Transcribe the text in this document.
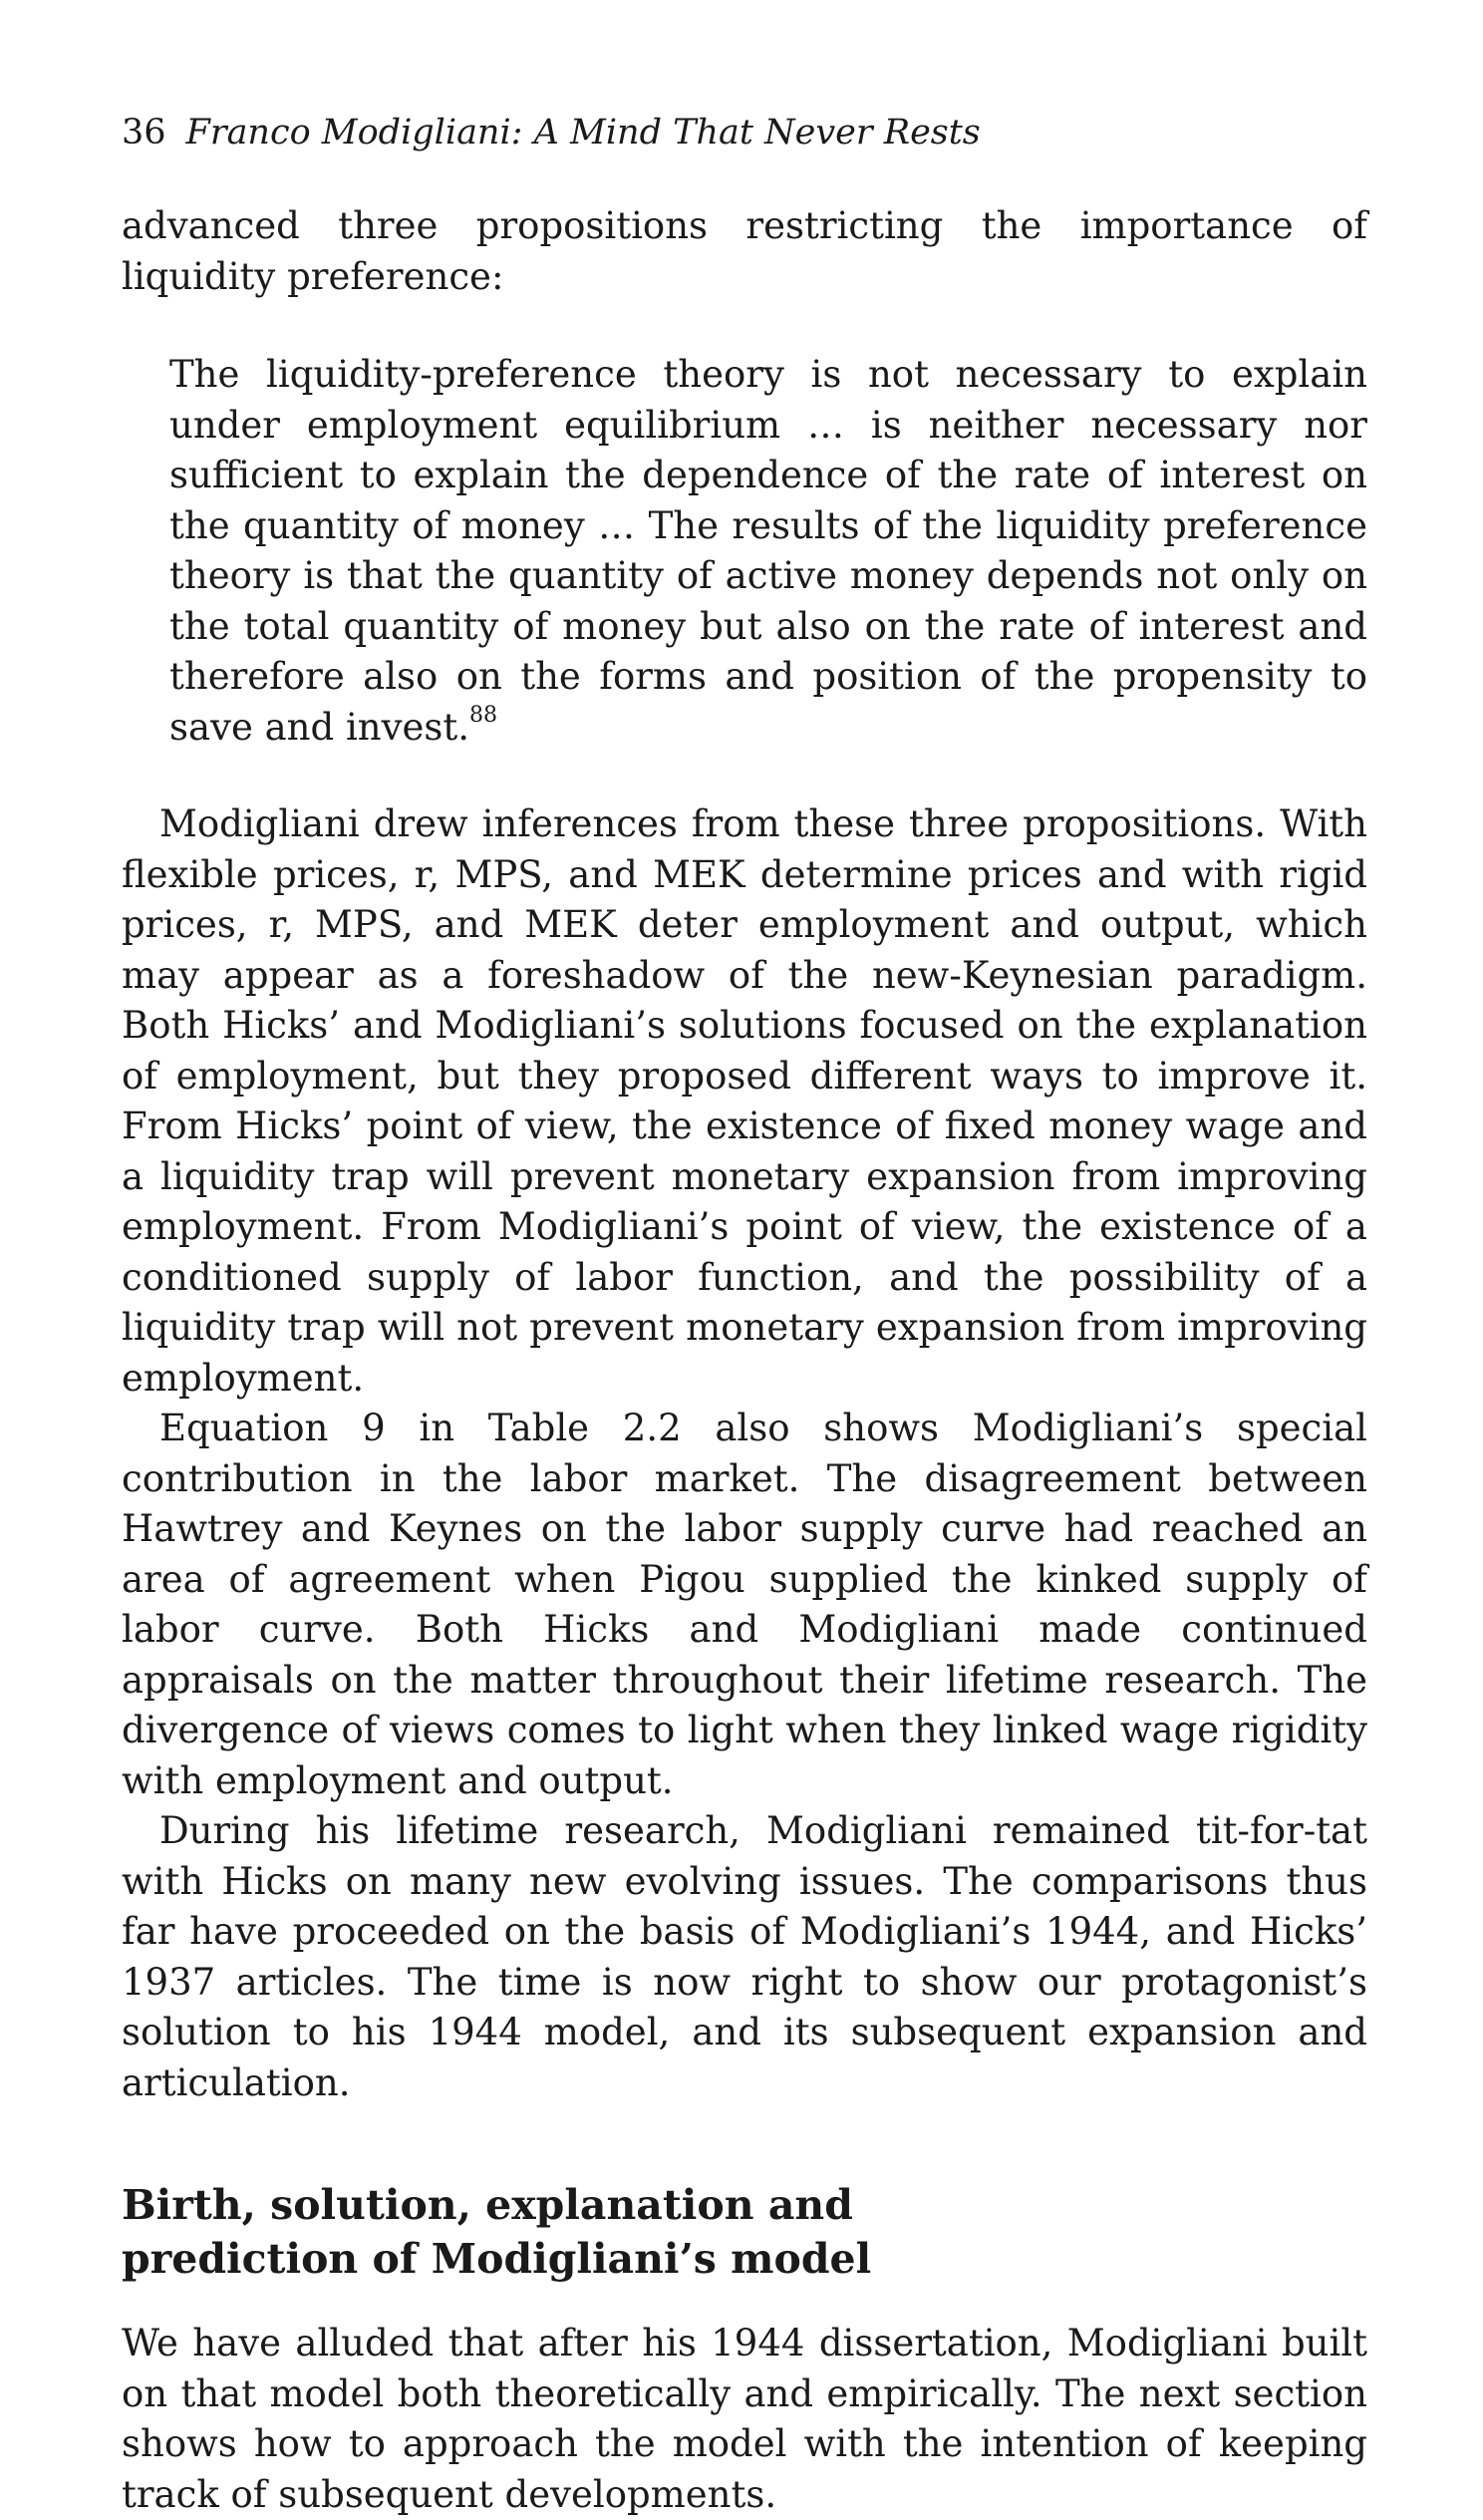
36 Franco Modigliani: A Mind That Never Rests

advanced three propositions restricting the importance of liquidity preference:

The liquidity-preference theory is not necessary to explain under employment equilibrium … is neither necessary nor sufficient to explain the dependence of the rate of interest on the quantity of money … The results of the liquidity preference theory is that the quantity of active money depends not only on the total quantity of money but also on the rate of interest and therefore also on the forms and position of the propensity to save and invest.$^{88}$

Modigliani drew inferences from these three propositions. With flexible prices, r, MPS, and MEK determine prices and with rigid prices, r, MPS, and MEK deter employment and output, which may appear as a foreshadow of the new-Keynesian paradigm. Both Hicks’ and Modigliani’s solutions focused on the explanation of employment, but they proposed different ways to improve it. From Hicks’ point of view, the existence of fixed money wage and a liquidity trap will prevent monetary expansion from improving employment. From Modigliani’s point of view, the existence of a conditioned supply of labor function, and the possibility of a liquidity trap will not prevent monetary expansion from improving employment.

Equation 9 in Table 2.2 also shows Modigliani’s special contribution in the labor market. The disagreement between Hawtrey and Keynes on the labor supply curve had reached an area of agreement when Pigou supplied the kinked supply of labor curve. Both Hicks and Modigliani made continued appraisals on the matter throughout their lifetime research. The divergence of views comes to light when they linked wage rigidity with employment and output.

During his lifetime research, Modigliani remained tit-for-tat with Hicks on many new evolving issues. The comparisons thus far have proceeded on the basis of Modigliani’s 1944, and Hicks’ 1937 articles. The time is now right to show our protagonist’s solution to his 1944 model, and its subsequent expansion and articulation.

Birth, solution, explanation and prediction of Modigliani’s model

We have alluded that after his 1944 dissertation, Modigliani built on that model both theoretically and empirically. The next section shows how to approach the model with the intention of keeping track of subsequent developments.
